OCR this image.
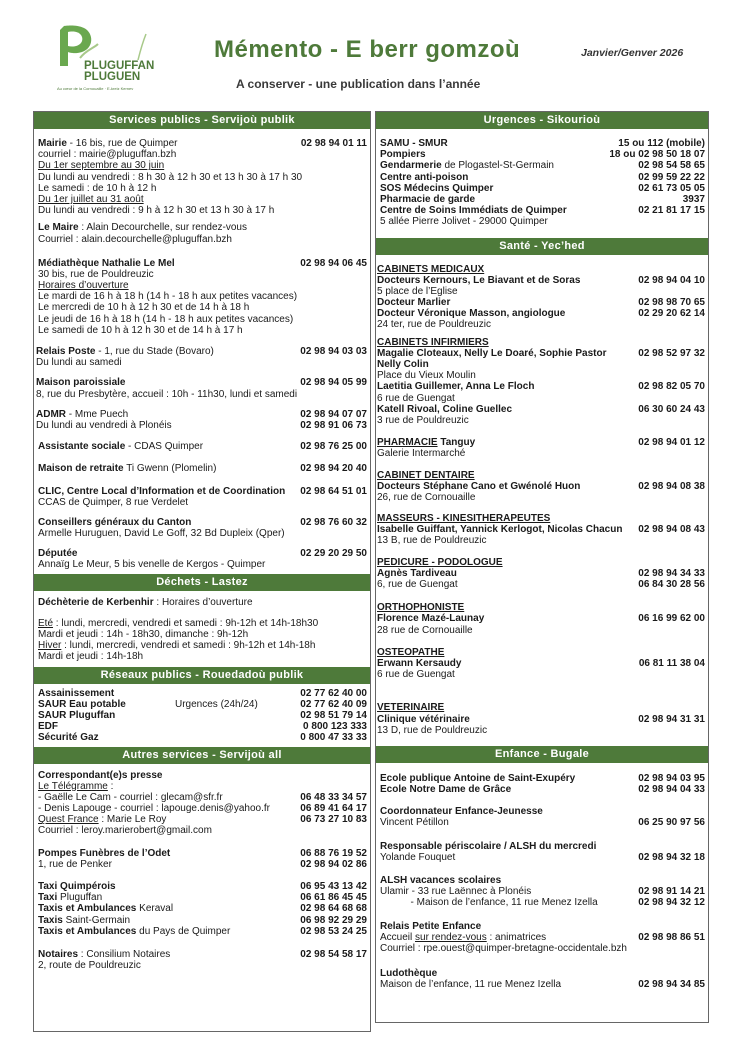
PLUGUFFAN
PLUGUEN
Au cœur de la Cornouaille · E-kreiz Kernev
Mémento - E berr gomzoù	Janvier/Genver 2026
A conserver - une publication dans l’année
Services publics - Servijoù publik
Mairie - 16 bis, rue de Quimper	02 98 94 01 11
courriel : mairie@pluguffan.bzh
Du 1er septembre au 30 juin
Du lundi au vendredi : 8 h 30 à 12 h 30 et 13 h 30 à 17 h 30
Le samedi : de 10 h à 12 h
Du 1er juillet au 31 août
Du lundi au vendredi : 9 h à 12 h 30 et 13 h 30 à 17 h
Le Maire : Alain Decourchelle, sur rendez-vous
Courriel : alain.decourchelle@pluguffan.bzh
Médiathèque Nathalie Le Mel	02 98 94 06 45
30 bis, rue de Pouldreuzic
Horaires d’ouverture
Le mardi de 16 h à 18 h (14 h - 18 h aux petites vacances)
Le mercredi de 10 h à 12 h 30 et de 14 h à 18 h
Le jeudi de 16 h à 18 h (14 h - 18 h aux petites vacances)
Le samedi de 10 h à 12 h 30 et de 14 h à 17 h
Relais Poste - 1, rue du Stade (Bovaro)	02 98 94 03 03
Du lundi au samedi
Maison paroissiale	02 98 94 05 99
8, rue du Presbytère, accueil : 10h - 11h30, lundi et samedi
ADMR - Mme Puech	02 98 94 07 07
Du lundi au vendredi à Plonéis	02 98 91 06 73
Assistante sociale - CDAS Quimper	02 98 76 25 00
Maison de retraite Ti Gwenn (Plomelin)	02 98 94 20 40
CLIC, Centre Local d’Information et de Coordination	02 98 64 51 01
CCAS de Quimper, 8 rue Verdelet
Conseillers généraux du Canton	02 98 76 60 32
Armelle Huruguen, David Le Goff, 32 Bd Dupleix (Qper)
Députée	02 29 20 29 50
Annaïg Le Meur, 5 bis venelle de Kergos - Quimper
Déchets - Lastez
Déchèterie de Kerbenhir : Horaires d’ouverture
Eté : lundi, mercredi, vendredi et samedi : 9h-12h et 14h-18h30
Mardi et jeudi : 14h - 18h30, dimanche : 9h-12h
Hiver : lundi, mercredi, vendredi et samedi : 9h-12h et 14h-18h
Mardi et jeudi : 14h-18h
Réseaux publics - Rouedadoù publik
Assainissement	02 77 62 40 00
SAUR Eau potable	Urgences (24h/24)	02 77 62 40 09
SAUR Pluguffan	02 98 51 79 14
EDF	0 800 123 333
Sécurité Gaz	0 800 47 33 33
Autres services - Servijoù all
Correspondant(e)s presse
Le Télégramme :
- Gaëlle Le Cam - courriel : glecam@sfr.fr	06 48 33 34 57
- Denis Lapouge - courriel : lapouge.denis@yahoo.fr	06 89 41 64 17
Quest France : Marie Le Roy	06 73 27 10 83
Courriel : leroy.marierobert@gmail.com
Pompes Funèbres de l’Odet	06 88 76 19 52
1, rue de Penker	02 98 94 02 86
Taxi Quimpérois	06 95 43 13 42
Taxi Pluguffan	06 61 86 45 45
Taxis et Ambulances Keraval	02 98 64 68 68
Taxis Saint-Germain	06 98 92 29 29
Taxis et Ambulances du Pays de Quimper	02 98 53 24 25
Notaires : Consilium Notaires	02 98 54 58 17
2, route de Pouldreuzic
Urgences - Sikourioù
SAMU - SMUR	15 ou 112 (mobile)
Pompiers	18 ou 02 98 50 18 07
Gendarmerie de Plogastel-St-Germain	02 98 54 58 65
Centre anti-poison	02 99 59 22 22
SOS Médecins Quimper	02 61 73 05 05
Pharmacie de garde	3937
Centre de Soins Immédiats de Quimper	02 21 81 17 15
5 allée Pierre Jolivet - 29000 Quimper
Santé - Yec’hed
CABINETS MEDICAUX
Docteurs Kernours, Le Biavant et de Soras	02 98 94 04 10
5 place de l’Eglise
Docteur Marlier	02 98 98 70 65
Docteur Véronique Masson, angiologue	02 29 20 62 14
24 ter, rue de Pouldreuzic
CABINETS INFIRMIERS
Magalie Cloteaux, Nelly Le Doaré, Sophie Pastor	02 98 52 97 32
Nelly Colin
Place du Vieux Moulin
Laetitia Guillemer, Anna Le Floch	02 98 82 05 70
6 rue de Guengat
Katell Rivoal, Coline Guellec	06 30 60 24 43
3 rue de Pouldreuzic
PHARMACIE Tanguy	02 98 94 01 12
Galerie Intermarché
CABINET DENTAIRE
Docteurs Stéphane Cano et Gwénolé Huon	02 98 94 08 38
26, rue de Cornouaille
MASSEURS - KINESITHERAPEUTES
Isabelle Guiffant, Yannick Kerlogot, Nicolas Chacun	02 98 94 08 43
13 B, rue de Pouldreuzic
PEDICURE - PODOLOGUE
Agnès Tardiveau	02 98 94 34 33
6, rue de Guengat	06 84 30 28 56
ORTHOPHONISTE
Florence Mazé-Launay	06 16 99 62 00
28 rue de Cornouaille
OSTEOPATHE
Erwann Kersaudy	06 81 11 38 04
6 rue de Guengat
VETERINAIRE
Clinique vétérinaire	02 98 94 31 31
13 D, rue de Pouldreuzic
Enfance - Bugale
Ecole publique Antoine de Saint-Exupéry	02 98 94 03 95
Ecole Notre Dame de Grâce	02 98 94 04 33
Coordonnateur Enfance-Jeunesse
Vincent Pétillon	06 25 90 97 56
Responsable périscolaire / ALSH du mercredi
Yolande Fouquet	02 98 94 32 18
ALSH vacances scolaires
Ulamir - 33 rue Laënnec à Plonéis	02 98 91 14 21
- Maison de l’enfance, 11 rue Menez Izella	02 98 94 32 12
Relais Petite Enfance
Accueil sur rendez-vous : animatrices	02 98 98 86 51
Courriel : rpe.ouest@quimper-bretagne-occidentale.bzh
Ludothèque
Maison de l’enfance, 11 rue Menez Izella	02 98 94 34 85
